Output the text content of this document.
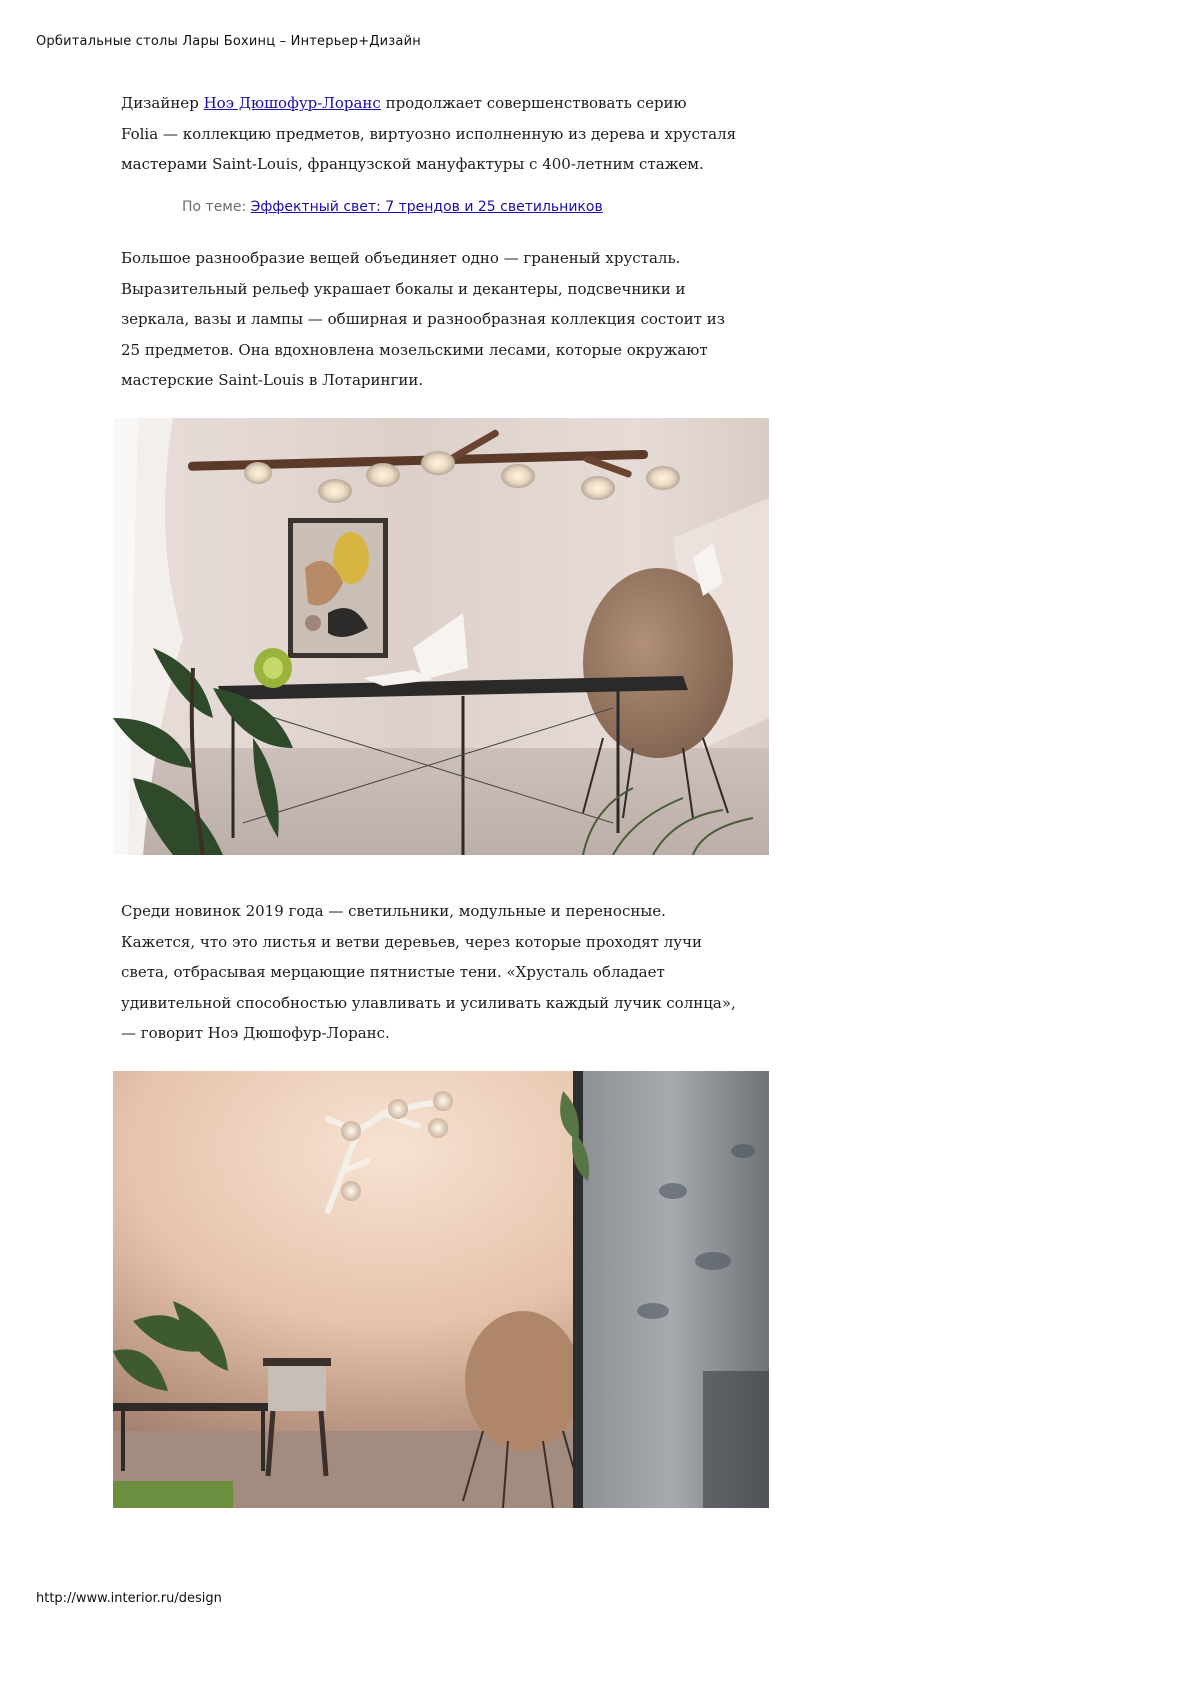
Орбитальные столы Лары Бохинц – Интерьер+Дизайн

Дизайнер Ноэ Дюшофур-Лоранс продолжает совершенствовать серию
Folia — коллекцию предметов, виртуозно исполненную из дерева и хрусталя
мастерами Saint-Louis, французской мануфактуры с 400-летним стажем.

По теме: Эффектный свет: 7 трендов и 25 светильников

Большое разнообразие вещей объединяет одно — граненый хрусталь.
Выразительный рельеф украшает бокалы и декантеры, подсвечники и
зеркала, вазы и лампы — обширная и разнообразная коллекция состоит из
25 предметов. Она вдохновлена мозельскими лесами, которые окружают
мастерские Saint-Louis в Лотарингии.

Среди новинок 2019 года — светильники, модульные и переносные.
Кажется, что это листья и ветви деревьев, через которые проходят лучи
света, отбрасывая мерцающие пятнистые тени. «Хрусталь обладает
удивительной способностью улавливать и усиливать каждый лучик солнца»,
— говорит Ноэ Дюшофур-Лоранс.

http://www.interior.ru/design
